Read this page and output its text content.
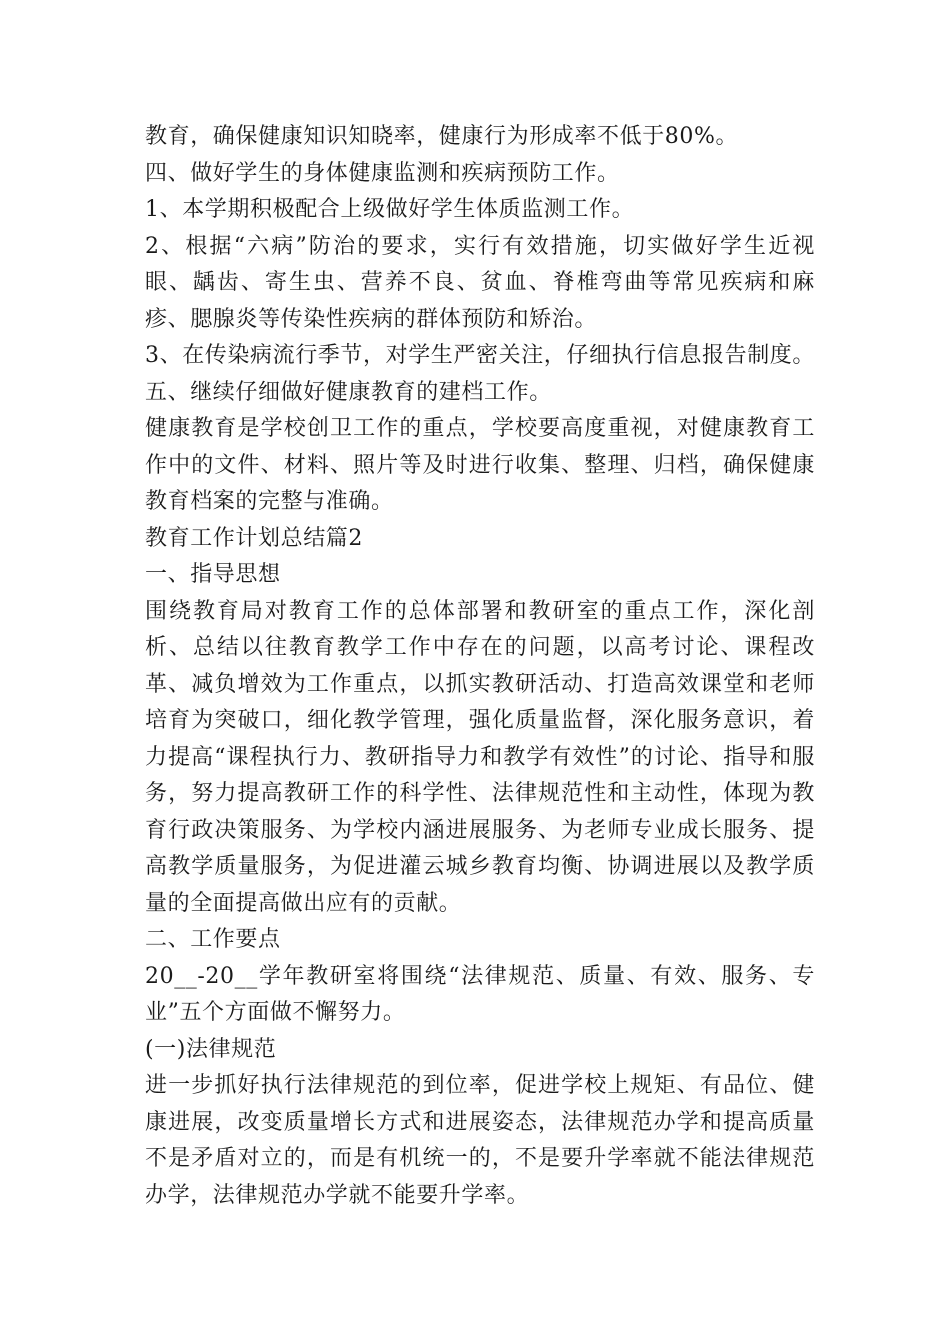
教育，确保健康知识知晓率，健康行为形成率不低于80%。

四、做好学生的身体健康监测和疾病预防工作。

1、本学期积极配合上级做好学生体质监测工作。

2、根据“六病”防治的要求，实行有效措施，切实做好学生近视眼、龋齿、寄生虫、营养不良、贫血、脊椎弯曲等常见疾病和麻疹、腮腺炎等传染性疾病的群体预防和矫治。

3、在传染病流行季节，对学生严密关注，仔细执行信息报告制度。

五、继续仔细做好健康教育的建档工作。

健康教育是学校创卫工作的重点，学校要高度重视，对健康教育工作中的文件、材料、照片等及时进行收集、整理、归档，确保健康教育档案的完整与准确。

教育工作计划总结篇2

一、指导思想

围绕教育局对教育工作的总体部署和教研室的重点工作，深化剖析、总结以往教育教学工作中存在的问题，以高考讨论、课程改革、减负增效为工作重点，以抓实教研活动、打造高效课堂和老师培育为突破口，细化教学管理，强化质量监督，深化服务意识，着力提高“课程执行力、教研指导力和教学有效性”的讨论、指导和服务，努力提高教研工作的科学性、法律规范性和主动性，体现为教育行政决策服务、为学校内涵进展服务、为老师专业成长服务、提高教学质量服务，为促进灌云城乡教育均衡、协调进展以及教学质量的全面提高做出应有的贡献。

二、工作要点

20__-20__学年教研室将围绕“法律规范、质量、有效、服务、专业”五个方面做不懈努力。

(一)法律规范

进一步抓好执行法律规范的到位率，促进学校上规矩、有品位、健康进展，改变质量增长方式和进展姿态，法律规范办学和提高质量不是矛盾对立的，而是有机统一的，不是要升学率就不能法律规范办学，法律规范办学就不能要升学率。
